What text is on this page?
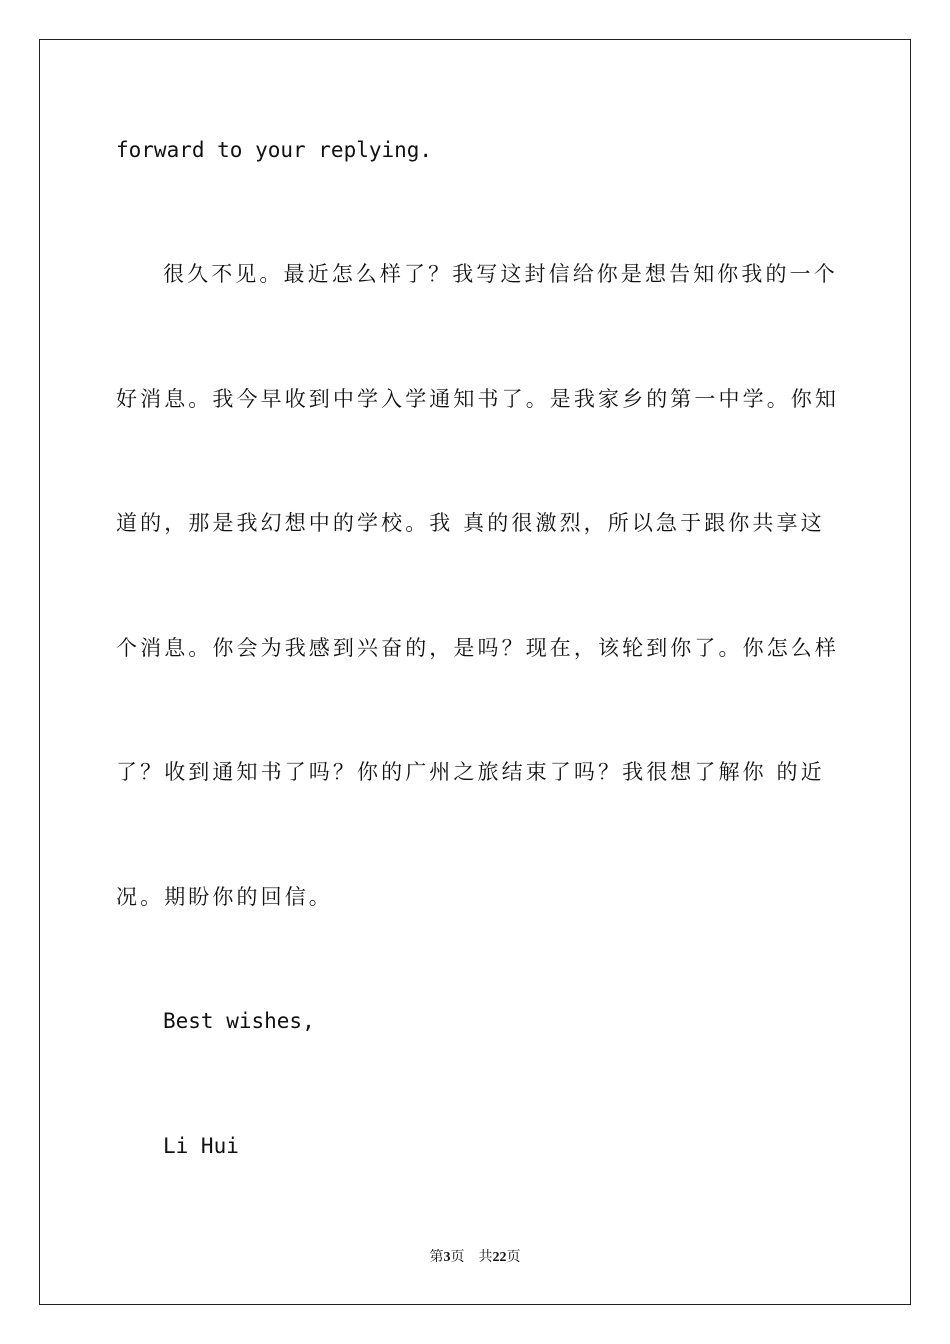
forward to your replying.
很久不见。最近怎么样了？我写这封信给你是想告知你我的一个
好消息。我今早收到中学入学通知书了。是我家乡的第一中学。你知
道的，那是我幻想中的学校。我 真的很激烈，所以急于跟你共享这
个消息。你会为我感到兴奋的，是吗？现在，该轮到你了。你怎么样
了？收到通知书了吗？你的广州之旅结束了吗？我很想了解你 的近
况。期盼你的回信。
Best wishes,
Li Hui
第3页 共22页
